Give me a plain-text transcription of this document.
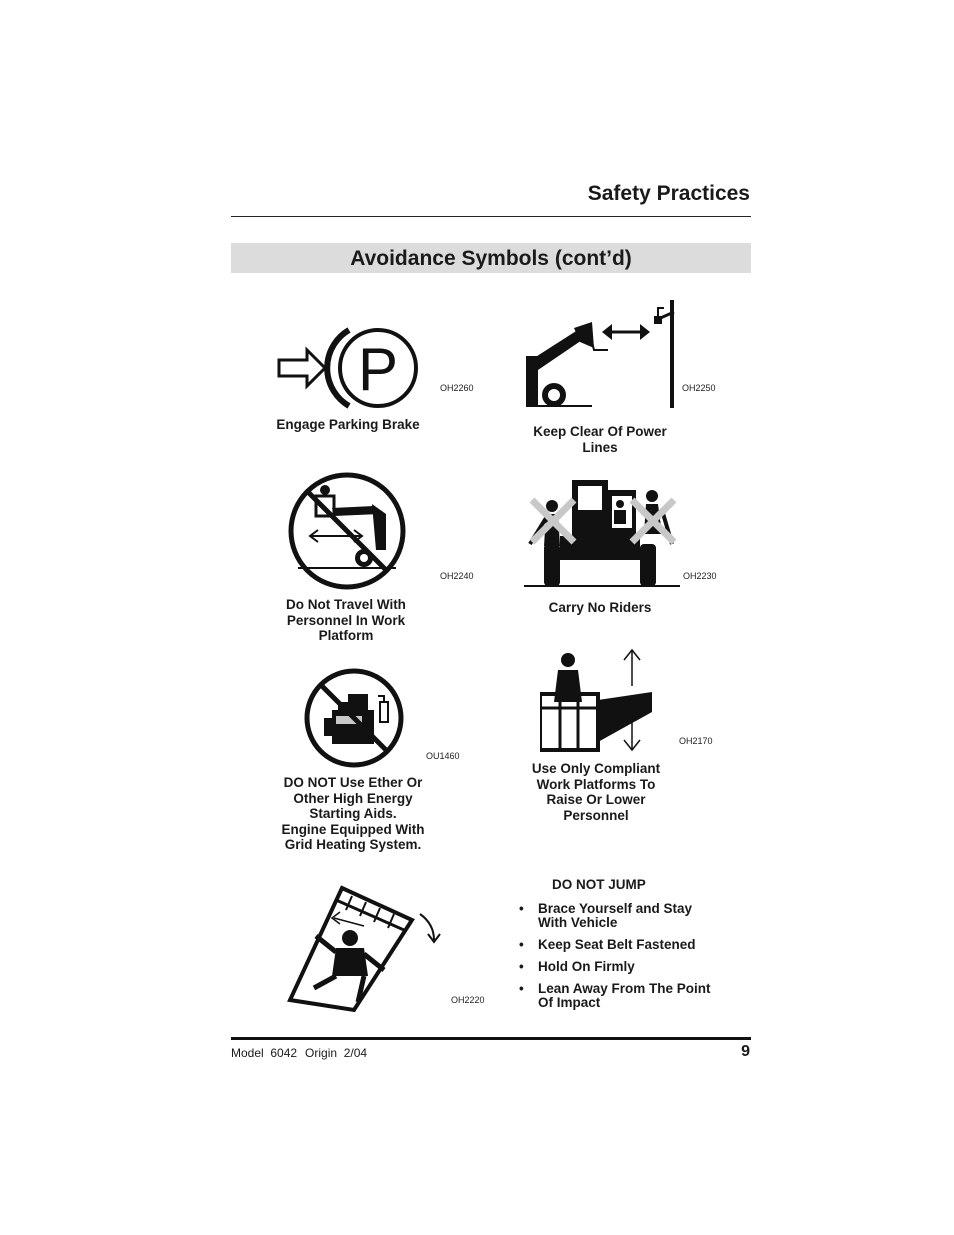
Safety Practices
Avoidance Symbols (cont’d)
P	OH2260
Engage Parking Brake
OH2250
Keep Clear Of Power
Lines
OH2240
Do Not Travel With
Personnel In Work
Platform
OH2230
Carry No Riders
OU1460
DO NOT Use Ether Or
Other High Energy
Starting Aids.
Engine Equipped With
Grid Heating System.
OH2170
Use Only Compliant
Work Platforms To
Raise Or Lower
Personnel
OH2220
DO NOT JUMP
• Brace Yourself and Stay
With Vehicle
• Keep Seat Belt Fastened
• Hold On Firmly
• Lean Away From The Point
Of Impact
Model  6042 Origin  2/04	9
